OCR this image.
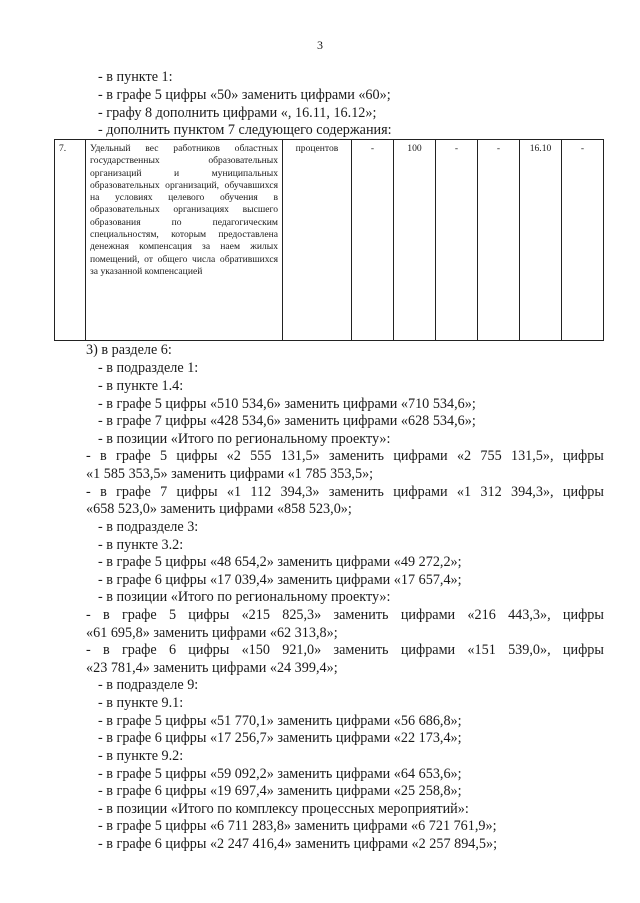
3
- в пункте 1:
- в графе 5 цифры «50» заменить цифрами «60»;
- графу 8 дополнить цифрами «, 16.11, 16.12»;
- дополнить пунктом 7 следующего содержания:
7.	Удельный вес работников областных государственных образовательных организаций и муниципальных образовательных организаций, обучавшихся на условиях целевого обучения в образовательных организациях высшего образования по педагогическим специальностям, которым предоставлена денежная компенсация за наем жилых помещений, от общего числа обратившихся за указанной компенсацией	процентов	-	100	-	-	16.10	-
3) в разделе 6:
- в подразделе 1:
- в пункте 1.4:
- в графе 5 цифры «510 534,6» заменить цифрами «710 534,6»;
- в графе 7 цифры «428 534,6» заменить цифрами «628 534,6»;
- в позиции «Итого по региональному проекту»:
- в графе 5 цифры «2 555 131,5» заменить цифрами «2 755 131,5», цифры
«1 585 353,5» заменить цифрами «1 785 353,5»;
- в графе 7 цифры «1 112 394,3» заменить цифрами «1 312 394,3», цифры
«658 523,0» заменить цифрами «858 523,0»;
- в подразделе 3:
- в пункте 3.2:
- в графе 5 цифры «48 654,2» заменить цифрами «49 272,2»;
- в графе 6 цифры «17 039,4» заменить цифрами «17 657,4»;
- в позиции «Итого по региональному проекту»:
- в графе 5 цифры «215 825,3» заменить цифрами «216 443,3», цифры
«61 695,8» заменить цифрами «62 313,8»;
- в графе 6 цифры «150 921,0» заменить цифрами «151 539,0», цифры
«23 781,4» заменить цифрами «24 399,4»;
- в подразделе 9:
- в пункте 9.1:
- в графе 5 цифры «51 770,1» заменить цифрами «56 686,8»;
- в графе 6 цифры «17 256,7» заменить цифрами «22 173,4»;
- в пункте 9.2:
- в графе 5 цифры «59 092,2» заменить цифрами «64 653,6»;
- в графе 6 цифры «19 697,4» заменить цифрами «25 258,8»;
- в позиции «Итого по комплексу процессных мероприятий»:
- в графе 5 цифры «6 711 283,8» заменить цифрами «6 721 761,9»;
- в графе 6 цифры «2 247 416,4» заменить цифрами «2 257 894,5»;
